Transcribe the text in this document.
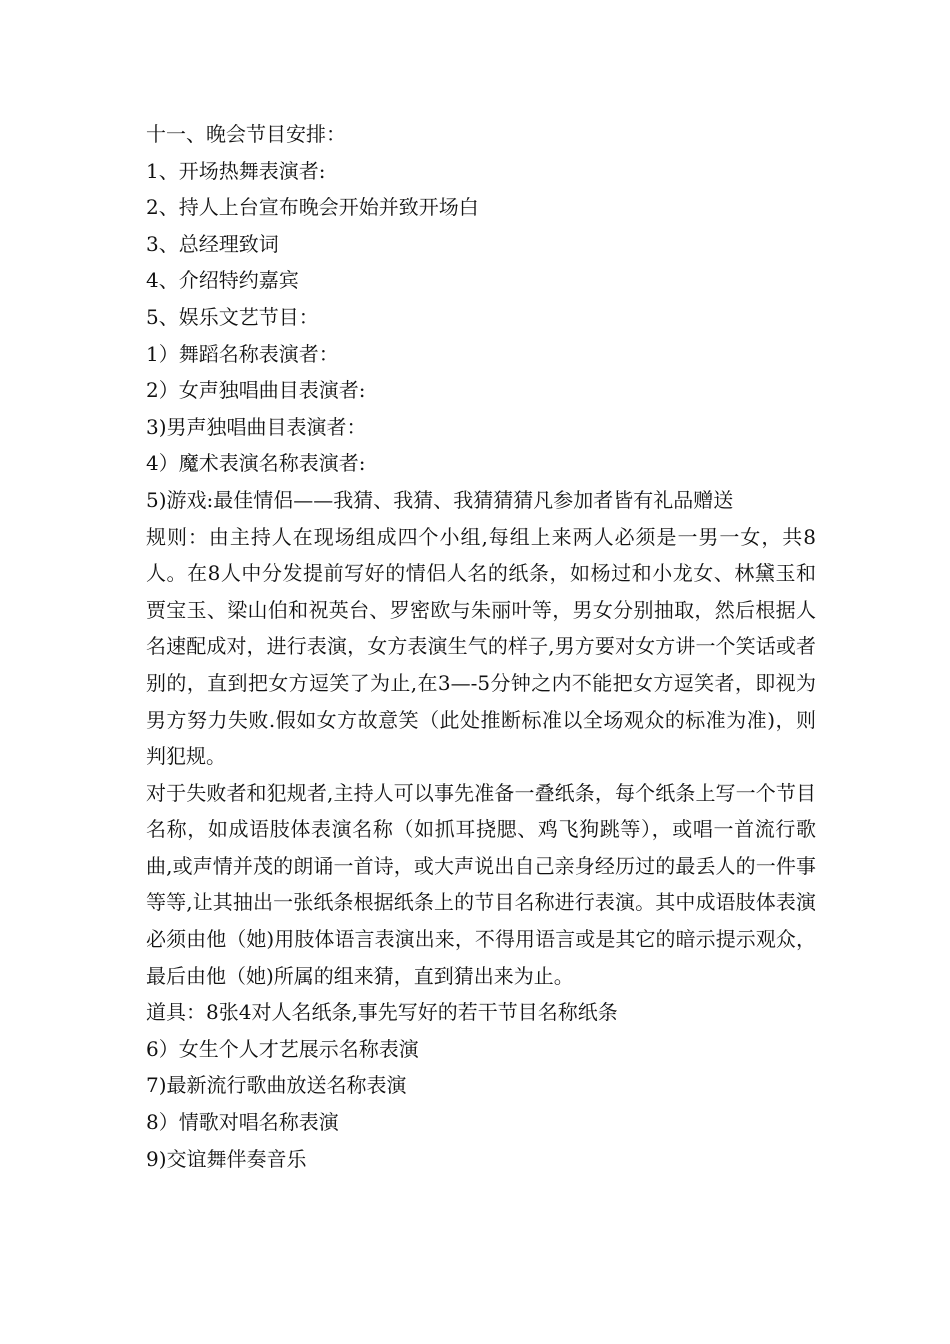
十一、晚会节目安排：
1、开场热舞表演者:
2、持人上台宣布晚会开始并致开场白
3、总经理致词
4、介绍特约嘉宾
5、娱乐文艺节目：
1）舞蹈名称表演者：
2）女声独唱曲目表演者:
3)男声独唱曲目表演者：
4）魔术表演名称表演者:
5)游戏:最佳情侣——我猜、我猜、我猜猜猜凡参加者皆有礼品赠送
规则：由主持人在现场组成四个小组,每组上来两人必须是一男一女，共8人。在8人中分发提前写好的情侣人名的纸条，如杨过和小龙女、林黛玉和贾宝玉、梁山伯和祝英台、罗密欧与朱丽叶等，男女分别抽取，然后根据人名速配成对，进行表演，女方表演生气的样子,男方要对女方讲一个笑话或者别的，直到把女方逗笑了为止,在3—-5分钟之内不能把女方逗笑者，即视为男方努力失败.假如女方故意笑（此处推断标准以全场观众的标准为准)，则判犯规。
对于失败者和犯规者,主持人可以事先准备一叠纸条，每个纸条上写一个节目名称，如成语肢体表演名称（如抓耳挠腮、鸡飞狗跳等），或唱一首流行歌曲,或声情并茂的朗诵一首诗，或大声说出自己亲身经历过的最丢人的一件事等等,让其抽出一张纸条根据纸条上的节目名称进行表演。其中成语肢体表演必须由他（她)用肢体语言表演出来，不得用语言或是其它的暗示提示观众，最后由他（她)所属的组来猜，直到猜出来为止。
道具：8张4对人名纸条,事先写好的若干节目名称纸条
6）女生个人才艺展示名称表演
7)最新流行歌曲放送名称表演
8）情歌对唱名称表演
9)交谊舞伴奏音乐
